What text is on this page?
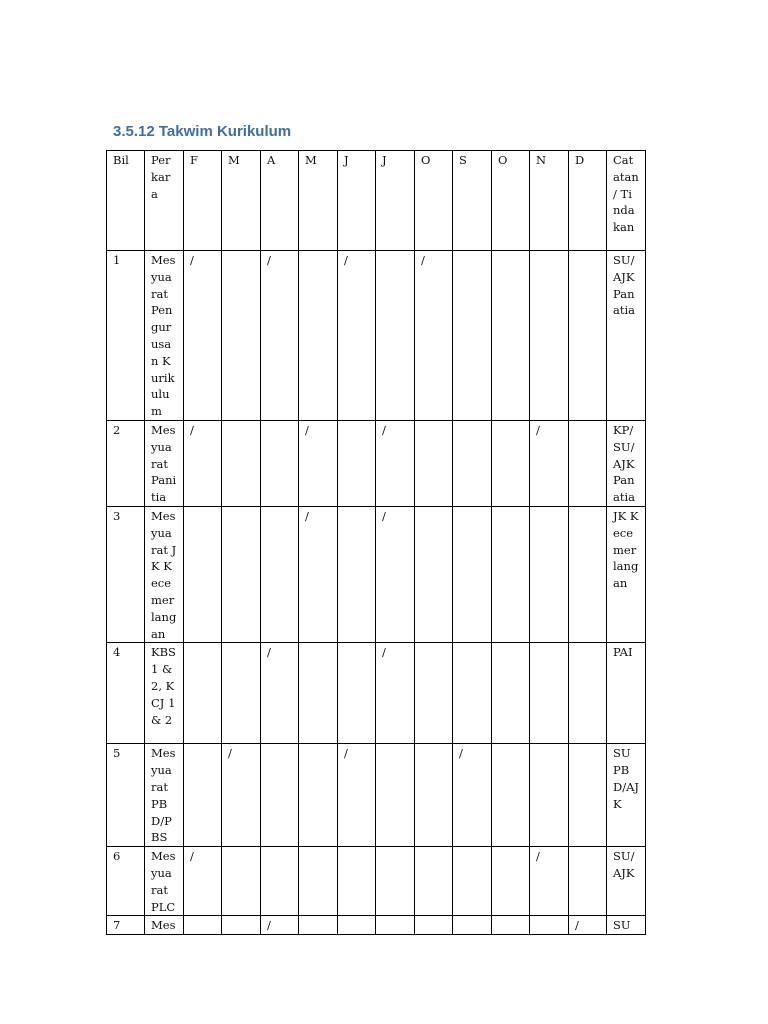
3.5.12 Takwim Kurikulum
Bil	Perkara	F	M	A	M	J	J	O	S	O	N	D	Catatan / Tindakan
1	Mesyuarat Pengurusan Kurikulum	/		/		/		/					SU/ AJK Panatia
2	Mesyuarat Panitia	/			/		/				/		KP/ SU/ AJK Panatia
3	Mesyuarat JK Kecemerlangan				/		/						JK Kecemerlangan
4	KBS 1 & 2, KCJ 1 & 2			/			/						PAI
5	Mesyuarat PBD/PBS		/			/			/				SU PBD/AJK
6	Mesyuarat PLC	/									/		SU/ AJK
7	Mes			/								/	SU
